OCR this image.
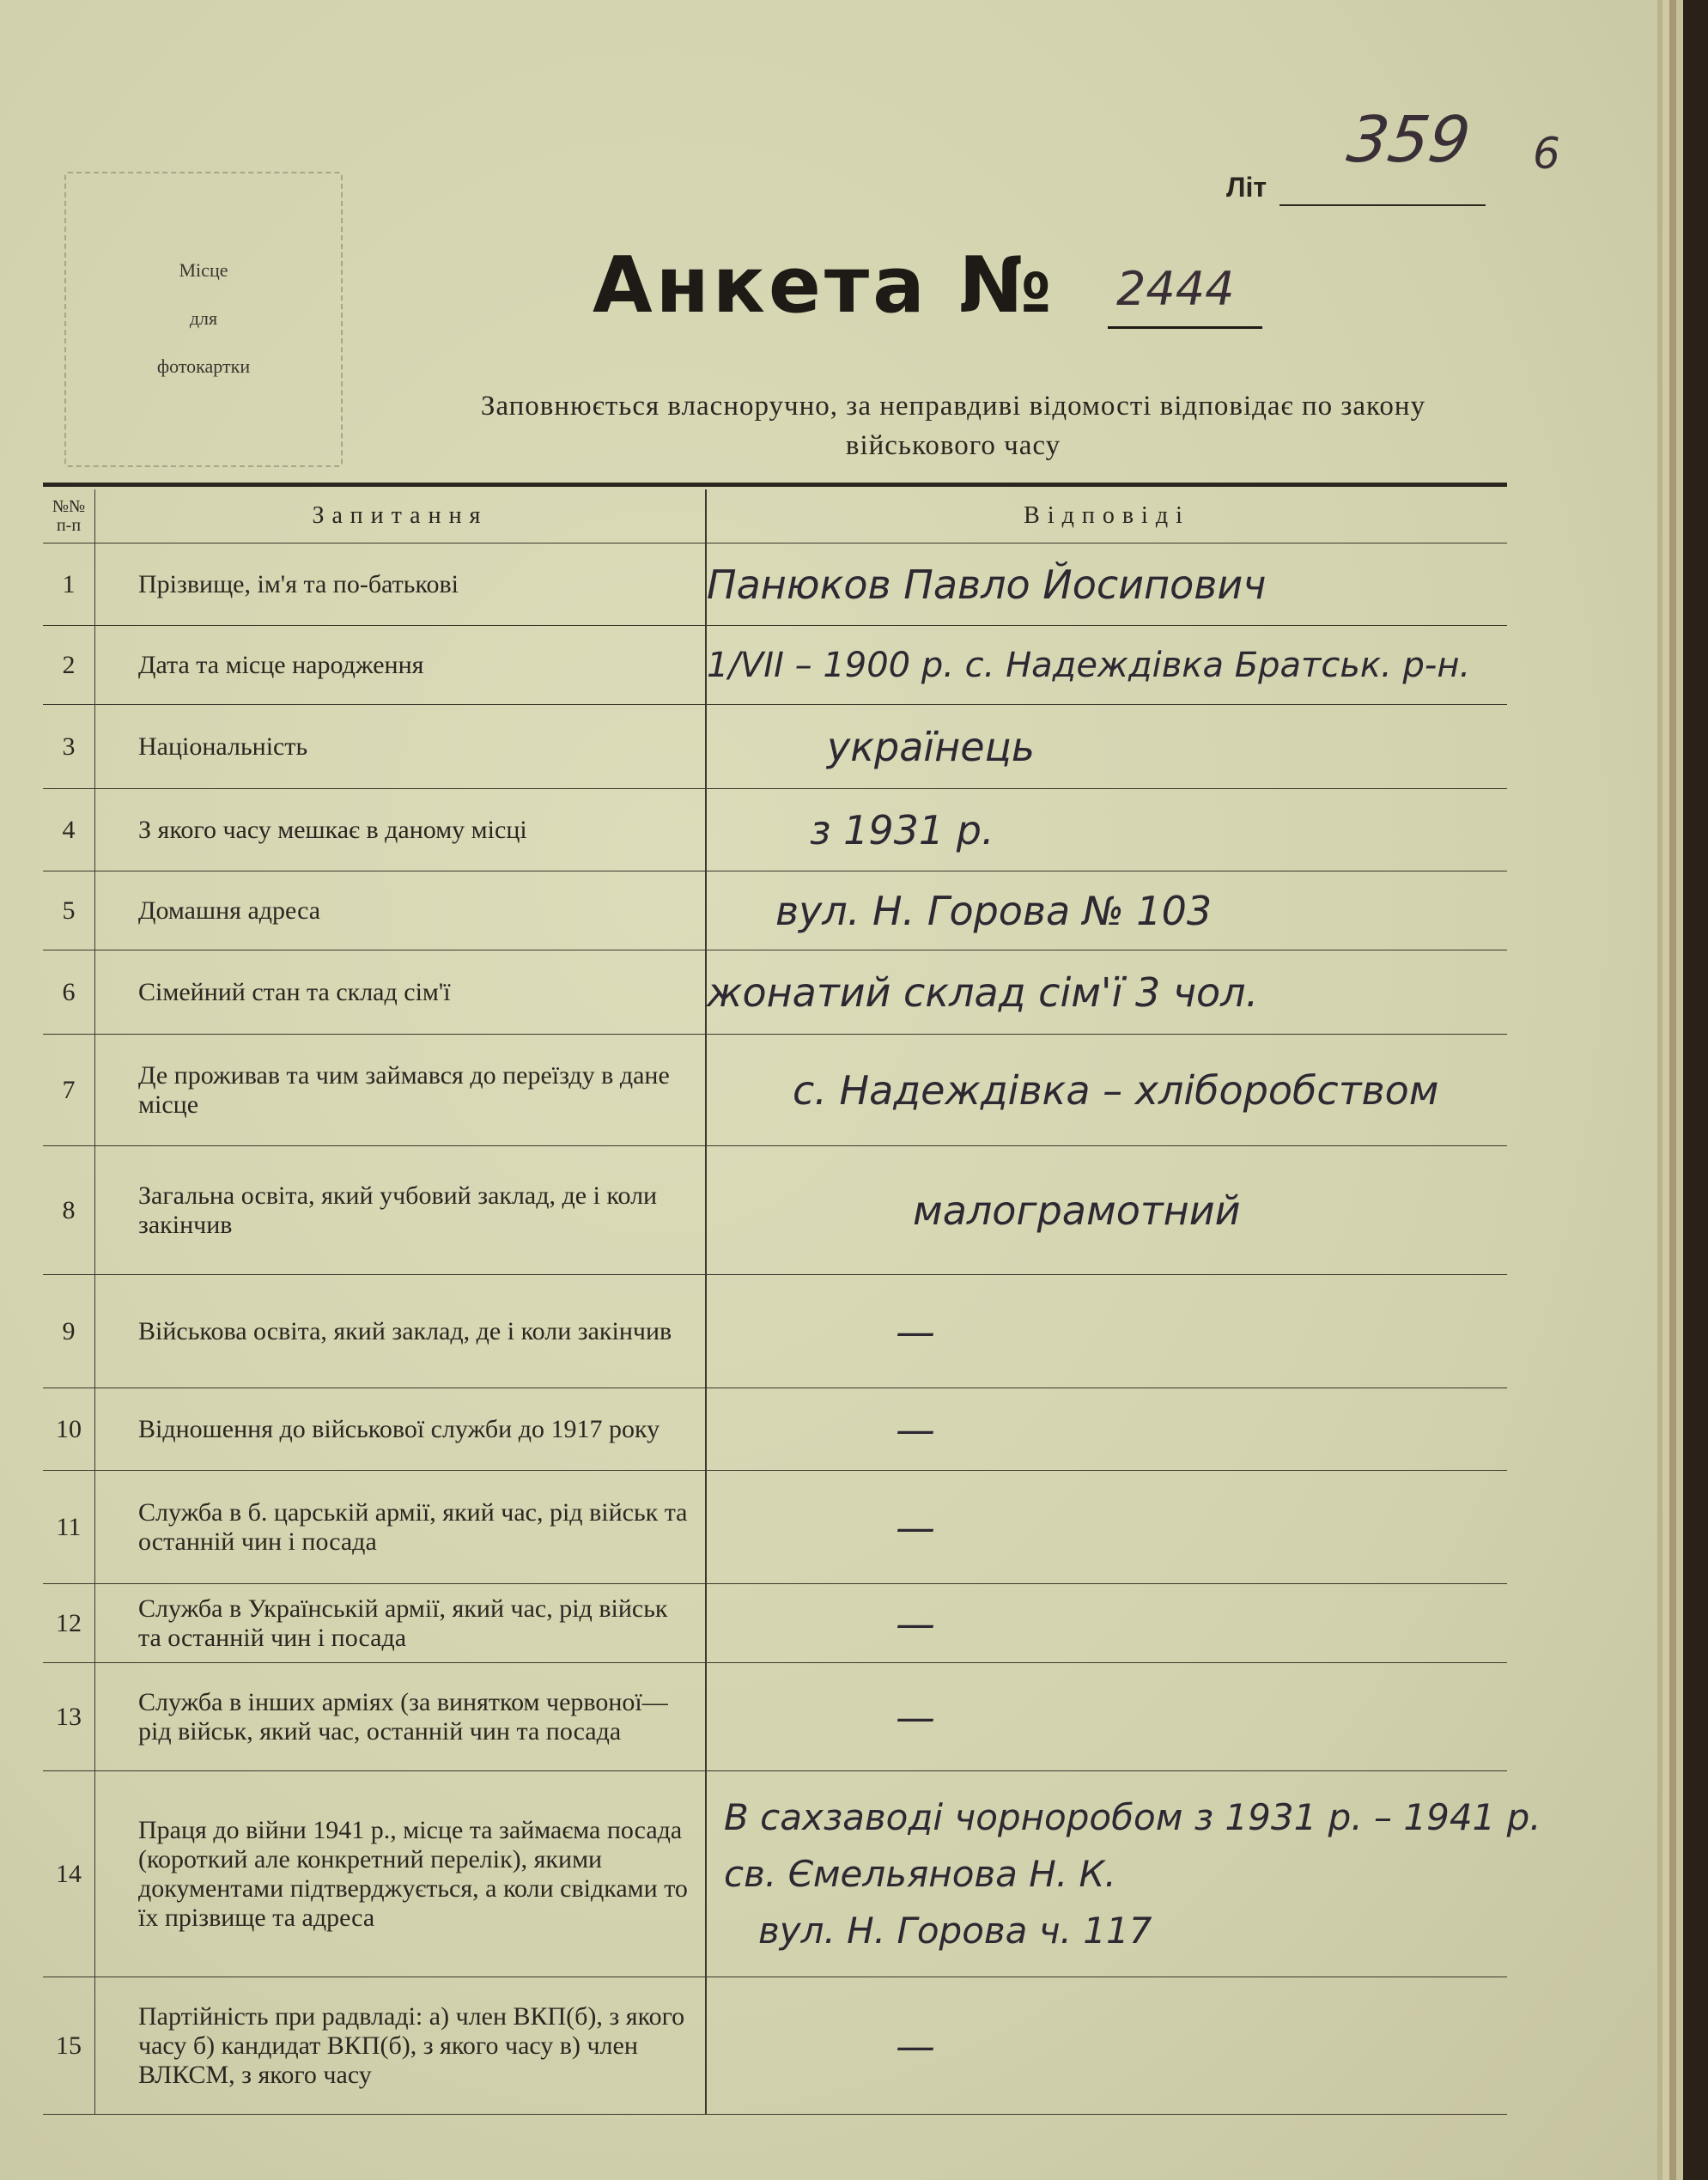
Місце
для
фотокартки
Літ
359 6
Анкета № 2444
Заповнюється власноручно, за неправдиві відомості відповідає по закону
військового часу
№№ п-п	Запитання	Відповіді
1	Прізвище, ім'я та по-батькові	Панюков Павло Йосипович
2	Дата та місце народження	1/VII – 1900 р. с. Надеждівка Братськ. р-н.
3	Національність	українець
4	З якого часу мешкає в даному місці	з 1931 р.
5	Домашня адреса	вул. Н. Горова № 103
6	Сімейний стан та склад сім'ї	жонатий склад сім'ї 3 чол.
7	Де проживав та чим займався до переїзду в дане місце	с. Надеждівка – хліборобством
8	Загальна освіта, який учбовий заклад, де і коли закінчив	малограмотний
9	Військова освіта, який заклад, де і коли закінчив	—
10	Відношення до військової служби до 1917 року	—
11	Служба в б. царській армії, який час, рід військ та останній чин і посада	—
12	Служба в Українській армії, який час, рід військ та останній чин і посада	—
13	Служба в інших арміях (за винятком червоної—рід військ, який час, останній чин та посада	—
14	Праця до війни 1941 р., місце та займаєма посада (короткий але конкретний перелік), якими документами підтверджується, а коли свідками то їх прізвище та адреса	В сахзаводі чорноробом з 1931 р. – 1941 р.
св. Ємельянова Н. К.
вул. Н. Горова ч. 117

15	Партійність при радвладі: а) член ВКП(б), з якого часу б) кандидат ВКП(б), з якого часу в) член ВЛКСМ, з якого часу	—
